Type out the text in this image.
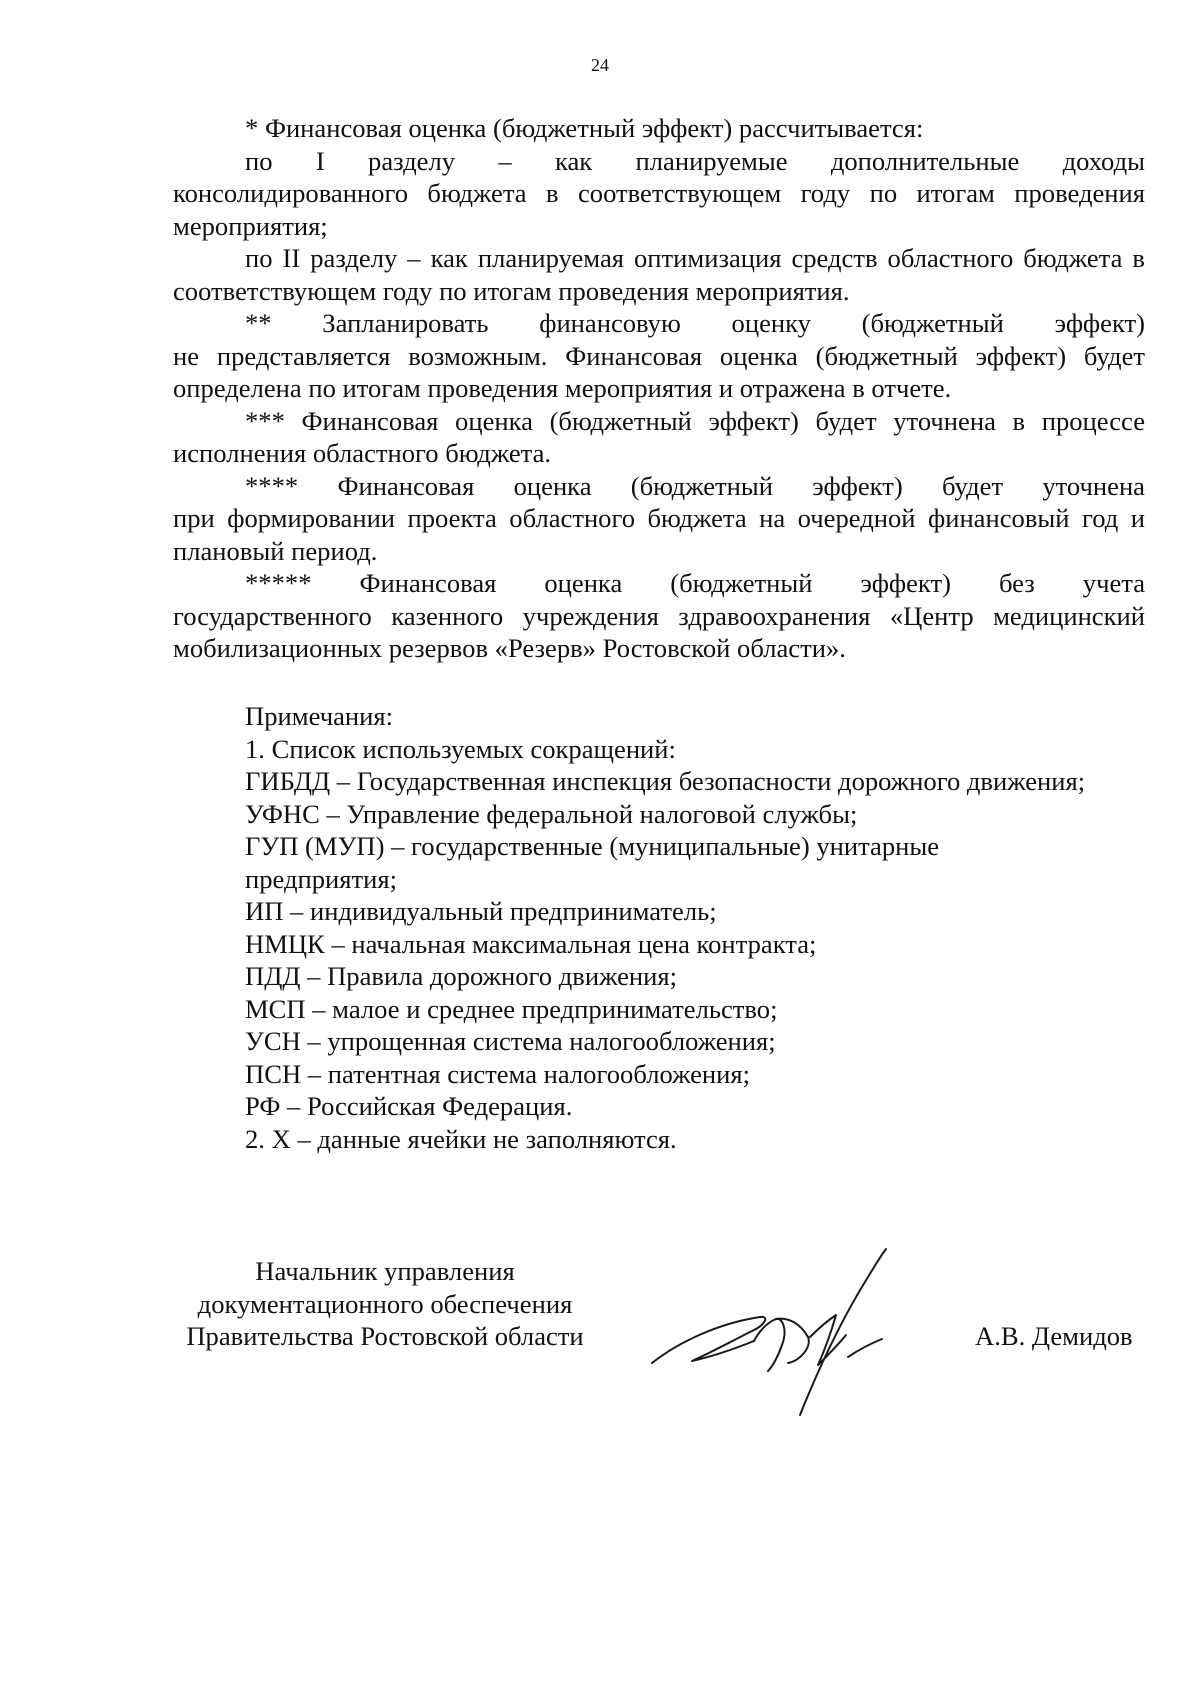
24

* Финансовая оценка (бюджетный эффект) рассчитывается:

по I разделу – как планируемые дополнительные доходы

консолидированного бюджета в соответствующем году по итогам проведения мероприятия;

по II разделу – как планируемая оптимизация средств областного бюджета в соответствующем году по итогам проведения мероприятия.

** Запланировать финансовую оценку (бюджетный эффект)

не представляется возможным. Финансовая оценка (бюджетный эффект) будет определена по итогам проведения мероприятия и отражена в отчете.

*** Финансовая оценка (бюджетный эффект) будет уточнена в процессе исполнения областного бюджета.

**** Финансовая оценка (бюджетный эффект) будет уточнена

при формировании проекта областного бюджета на очередной финансовый год и плановый период.

***** Финансовая оценка (бюджетный эффект) без учета

государственного казенного учреждения здравоохранения «Центр медицинский мобилизационных резервов «Резерв» Ростовской области».

Примечания:

1. Список используемых сокращений:

ГИБДД – Государственная инспекция безопасности дорожного движения;

УФНС – Управление федеральной налоговой службы;

ГУП (МУП) – государственные (муниципальные) унитарные

предприятия;

ИП – индивидуальный предприниматель;

НМЦК – начальная максимальная цена контракта;

ПДД – Правила дорожного движения;

МСП – малое и среднее предпринимательство;

УСН – упрощенная система налогообложения;

ПСН – патентная система налогообложения;

РФ – Российская Федерация.

2. Х – данные ячейки не заполняются.

Начальник управления

документационного обеспечения

Правительства Ростовской области	А.В. Демидов
